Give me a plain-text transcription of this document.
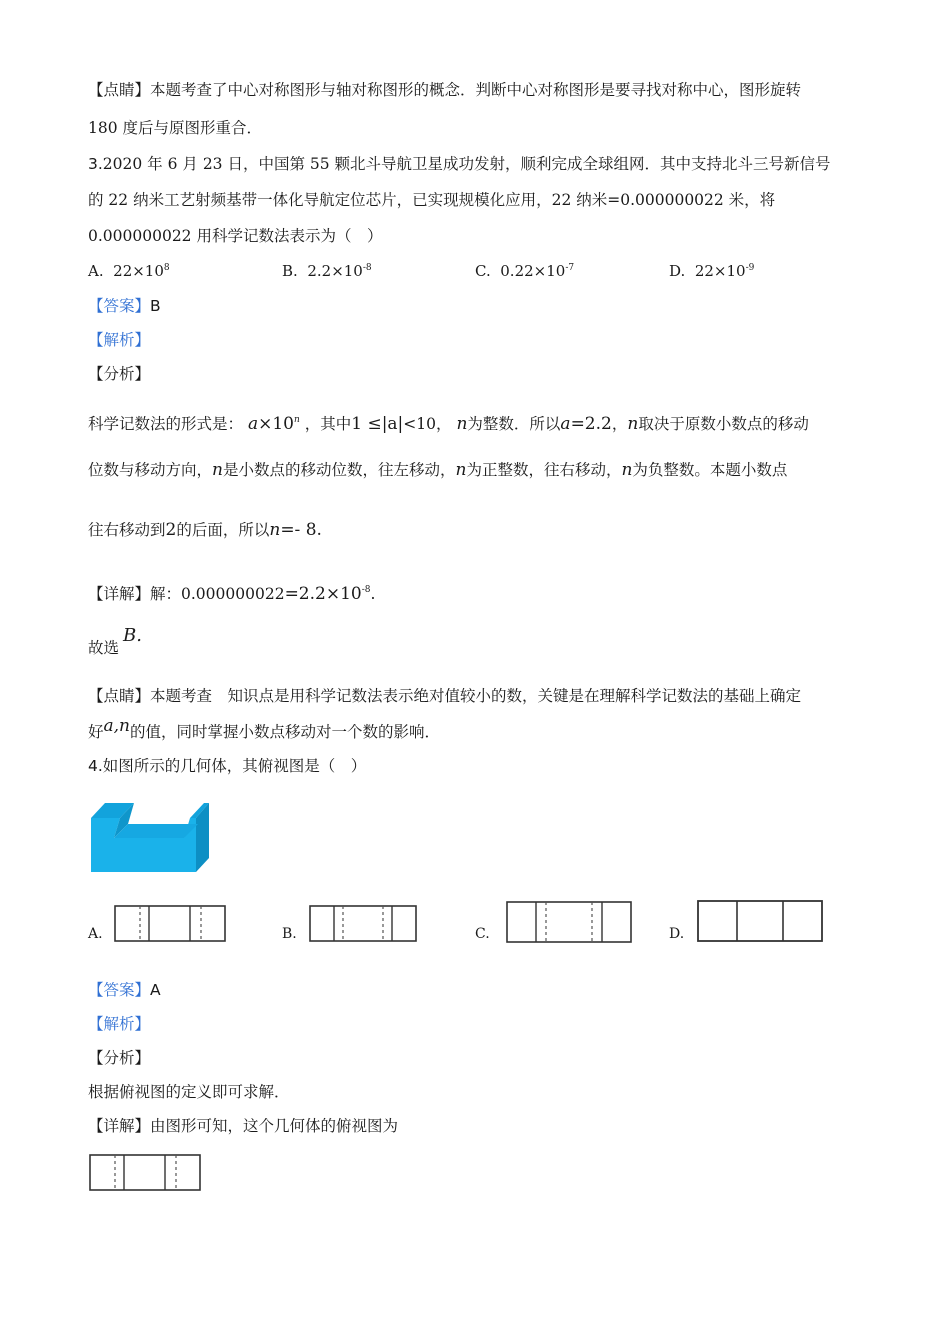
【点睛】本题考查了中心对称图形与轴对称图形的概念．判断中心对称图形是要寻找对称中心，图形旋转
180 度后与原图形重合．
3.2020 年 6 月 23 日，中国第 55 颗北斗导航卫星成功发射，顺利完成全球组网．其中支持北斗三号新信号
的 22 纳米工艺射频基带一体化导航定位芯片，已实现规模化应用，22 纳米=0.000000022 米，将
0.000000022 用科学记数法表示为（　）
A. $22\times 10^8$	B. $2.2\times 10^{-8}$	C. $0.22\times 10^{-7}$	D. $22\times 10^{-9}$
【答案】B
【解析】
【分析】
科学记数法的形式是： $a\times 10^n$ ，其中1 ≤|a|<10， n为整数．所以a=2.2，n取决于原数小数点的移动
位数与移动方向，n是小数点的移动位数，往左移动，n为正整数，往右移动，n为负整数。本题小数点
往右移动到2的后面，所以n=- 8.
【详解】解：$0.000000022=2.2\times 10^{-8}$.
故选B.
【点睛】本题考查　知识点是用科学记数法表示绝对值较小的数，关键是在理解科学记数法的基础上确定
好a,n的值，同时掌握小数点移动对一个数的影响．
4.如图所示的几何体，其俯视图是（　）
A.	B.	C.	D.
【答案】A
【解析】
【分析】
根据俯视图的定义即可求解．
【详解】由图形可知，这个几何体的俯视图为
